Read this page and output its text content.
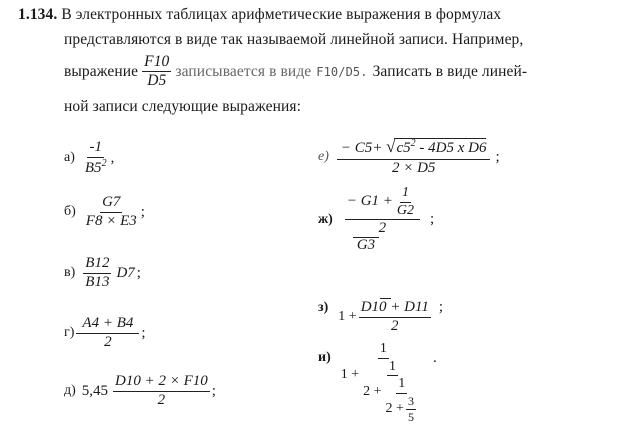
1.134. В электронных таблицах арифметические выражения в формулах
представляются в виде так называемой линейной записи. Например,
выражение $\frac{F10}{D5}$ записывается в виде F10/D5. Записать в виде линей-
ной записи следующие выражения:
$а) \frac{-1}{B5^2}$ ,
$б) \frac{G7}{F8 \times E3}$ ;
$в) \frac{B12}{B13} D7$ ;
$г) \frac{A4 + B4}{2}$ ;
д) $5,45 \frac{D10 + 2 \times F10}{2}$ ;
$е) \frac{- C5+ √c5^2 - 4D5 x D6}{2 \times D5}$ ;
$ж) \frac{- G1 + \frac{1}{G2}}{2}$
G3
;
$з) \frac{1}{1 + \frac{D10 + D11}{2}}$ ;
и)
1
1 +
1
$2 + \frac{1}{2 + \frac{3}{5}}$
.
